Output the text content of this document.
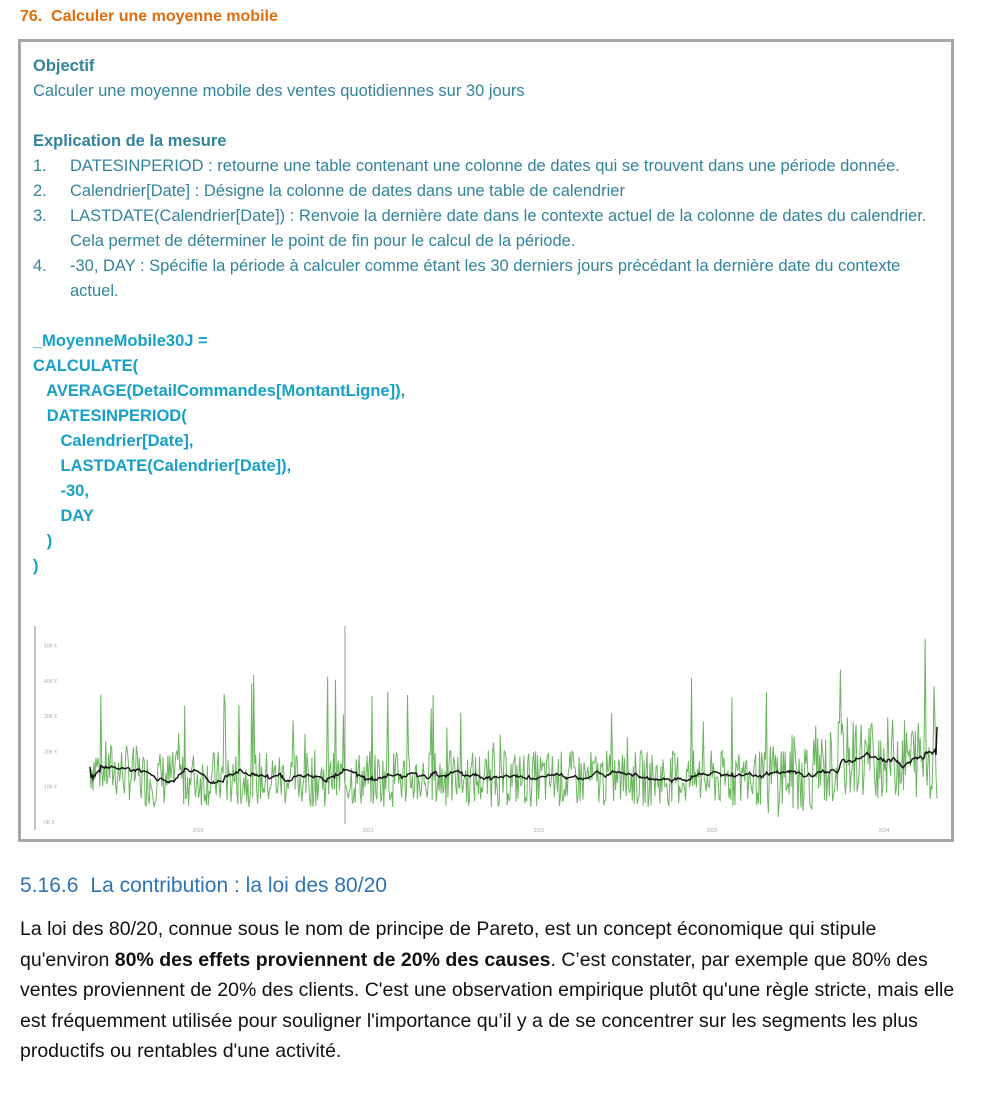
76. Calculer une moyenne mobile
Objectif
Calculer une moyenne mobile des ventes quotidiennes sur 30 jours
Explication de la mesure
1. DATESINPERIOD : retourne une table contenant une colonne de dates qui se trouvent dans une période donnée.
2. Calendrier[Date] : Désigne la colonne de dates dans une table de calendrier
3. LASTDATE(Calendrier[Date]) : Renvoie la dernière date dans le contexte actuel de la colonne de dates du calendrier. Cela permet de déterminer le point de fin pour le calcul de la période.
4. -30, DAY : Spécifie la période à calculer comme étant les 30 derniers jours précédant la dernière date du contexte actuel.
_MoyenneMobile30J =
CALCULATE(
AVERAGE(DetailCommandes[MontantLigne]),
DATESINPERIOD(
Calendrier[Date],
LASTDATE(Calendrier[Date]),
-30,
DAY
)
)
0K €
10K €
20K €
30K €
40K €
50K €
2020	2021	2022	2023	2024
5.16.6 La contribution : la loi des 80/20
La loi des 80/20, connue sous le nom de principe de Pareto, est un concept économique qui stipule qu'environ 80% des effets proviennent de 20% des causes. C’est constater, par exemple que 80% des ventes proviennent de 20% des clients. C'est une observation empirique plutôt qu'une règle stricte, mais elle est fréquemment utilisée pour souligner l'importance qu’il y a de se concentrer sur les segments les plus productifs ou rentables d'une activité.
